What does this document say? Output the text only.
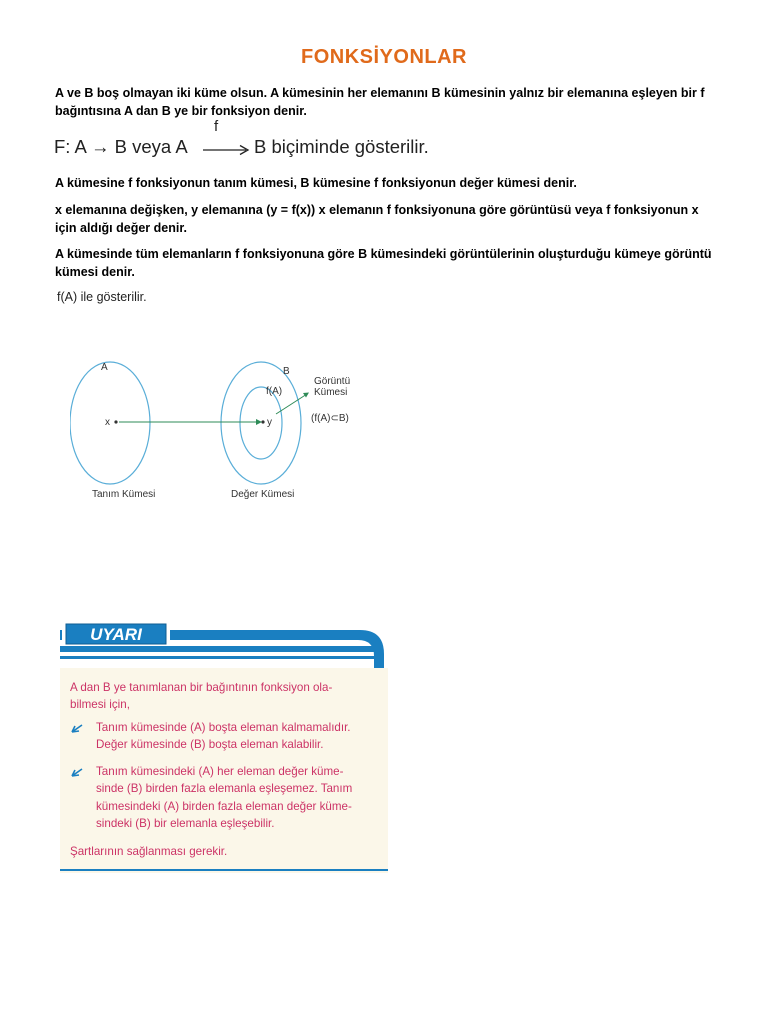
FONKSİYONLAR
A ve B boş olmayan iki küme olsun. A kümesinin her elemanını B kümesinin yalnız bir elemanına eşleyen bir f bağıntısına A dan B ye bir fonksiyon denir.
F: A → B veya A
f
B biçiminde gösterilir.
A kümesine f fonksiyonun tanım kümesi, B kümesine f fonksiyonun değer kümesi denir.
x elemanına değişken, y elemanına (y = f(x)) x elemanın f fonksiyonuna göre görüntüsü veya f fonksiyonun x için aldığı değer denir.
A kümesinde tüm elemanların f fonksiyonuna göre B kümesindeki görüntülerinin oluşturduğu kümeye görüntü kümesi denir.
f(A) ile gösterilir.
A	B
x	y
f(A)
Görüntü
Kümesi
(f(A)⊂B)
Tanım Kümesi	Değer Kümesi
UYARI
A dan B ye tanımlanan bir bağıntının fonksiyon ola-
bilmesi için,
Tanım kümesinde (A) boşta eleman kalmamalıdır.
Değer kümesinde (B) boşta eleman kalabilir.
Tanım kümesindeki (A) her eleman değer küme-
sinde (B) birden fazla elemanla eşleşemez. Tanım
kümesindeki (A) birden fazla eleman değer küme-
sindeki (B) bir elemanla eşleşebilir.
Şartlarının sağlanması gerekir.
